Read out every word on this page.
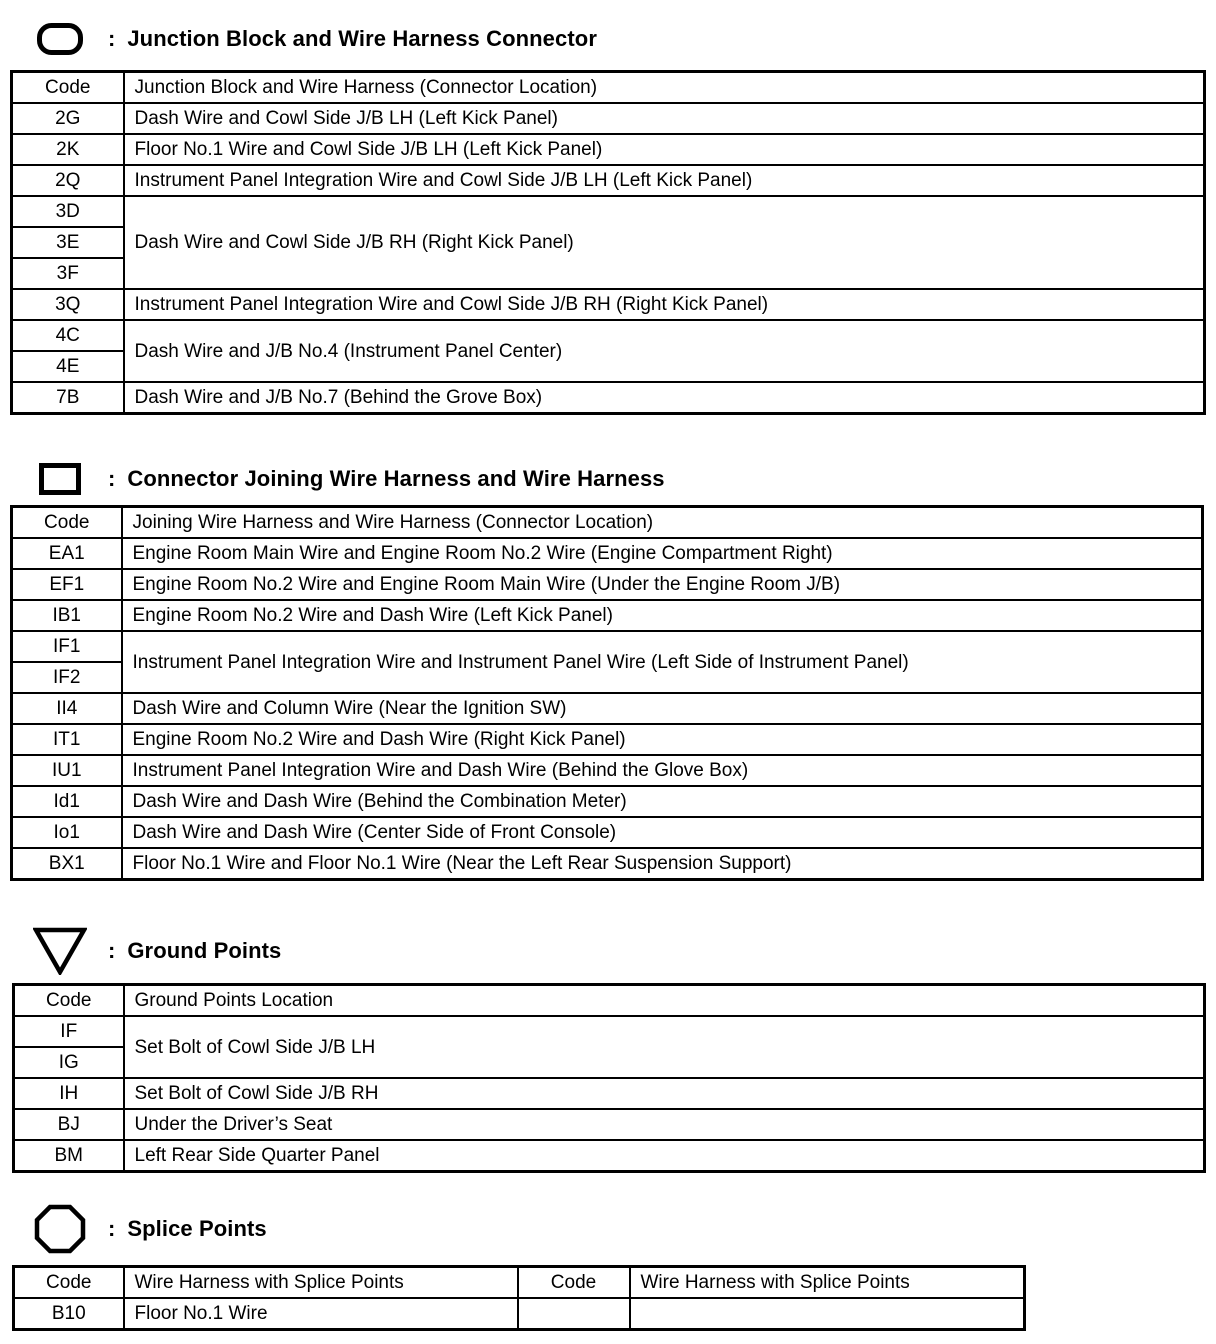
: Junction Block and Wire Harness Connector
Code	Junction Block and Wire Harness (Connector Location)
2G	Dash Wire and Cowl Side J/B LH (Left Kick Panel)
2K	Floor No.1 Wire and Cowl Side J/B LH (Left Kick Panel)
2Q	Instrument Panel Integration Wire and Cowl Side J/B LH (Left Kick Panel)
3D	Dash Wire and Cowl Side J/B RH (Right Kick Panel)
3E	
3F	
3Q	Instrument Panel Integration Wire and Cowl Side J/B RH (Right Kick Panel)
4C	Dash Wire and J/B No.4 (Instrument Panel Center)
4E	
7B	Dash Wire and J/B No.7 (Behind the Grove Box)
: Connector Joining Wire Harness and Wire Harness
Code	Joining Wire Harness and Wire Harness (Connector Location)
EA1	Engine Room Main Wire and Engine Room No.2 Wire (Engine Compartment Right)
EF1	Engine Room No.2 Wire and Engine Room Main Wire (Under the Engine Room J/B)
IB1	Engine Room No.2 Wire and Dash Wire (Left Kick Panel)
IF1	Instrument Panel Integration Wire and Instrument Panel Wire (Left Side of Instrument Panel)
IF2	
II4	Dash Wire and Column Wire (Near the Ignition SW)
IT1	Engine Room No.2 Wire and Dash Wire (Right Kick Panel)
IU1	Instrument Panel Integration Wire and Dash Wire (Behind the Glove Box)
Id1	Dash Wire and Dash Wire (Behind the Combination Meter)
Io1	Dash Wire and Dash Wire (Center Side of Front Console)
BX1	Floor No.1 Wire and Floor No.1 Wire (Near the Left Rear Suspension Support)
: Ground Points
Code	Ground Points Location
IF	Set Bolt of Cowl Side J/B LH
IG	
IH	Set Bolt of Cowl Side J/B RH
BJ	Under the Driver’s Seat
BM	Left Rear Side Quarter Panel
: Splice Points
Code	Wire Harness with Splice Points	Code	Wire Harness with Splice Points
B10	Floor No.1 Wire		
